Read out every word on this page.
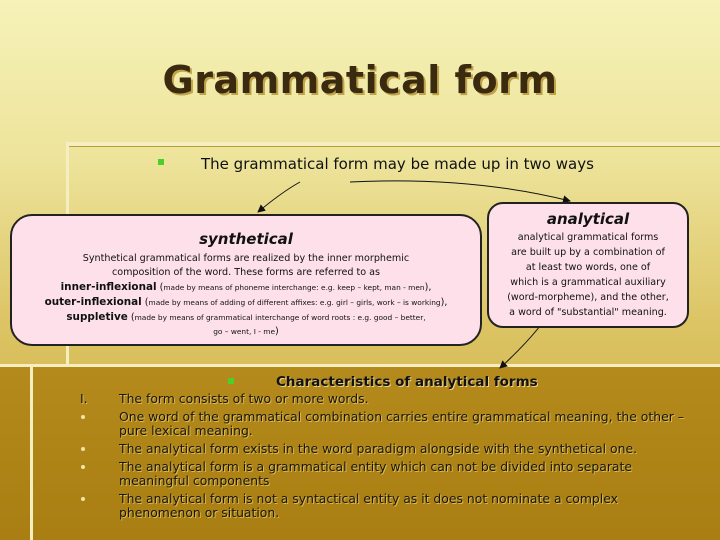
Grammatical form
The grammatical form may be made up in two ways
synthetical
Synthetical grammatical forms are realized by the inner morphemic
composition of the word. These forms are referred to as
inner-inflexional (made by means of phoneme interchange: e.g. keep – kept, man - men),
outer-inflexional (made by means of adding of different affixes: e.g. girl – girls, work – is working),
suppletive (made by means of grammatical interchange of word roots : e.g. good – better,
go – went, I - me)
analytical
analytical grammatical forms
are built up by a combination of
at least two words, one of
which is a grammatical auxiliary
(word-morpheme), and the other,
a word of "substantial" meaning.
Characteristics of analytical forms
I.	The form consists of two or more words.
One word of the grammatical combination carries entire grammatical meaning, the other – pure lexical meaning.
The analytical form exists in the word paradigm alongside with the synthetical one.
The analytical form is a grammatical entity which can not be divided into separate meaningful components
The analytical form is not a syntactical entity as it does not nominate a complex phenomenon or situation.
